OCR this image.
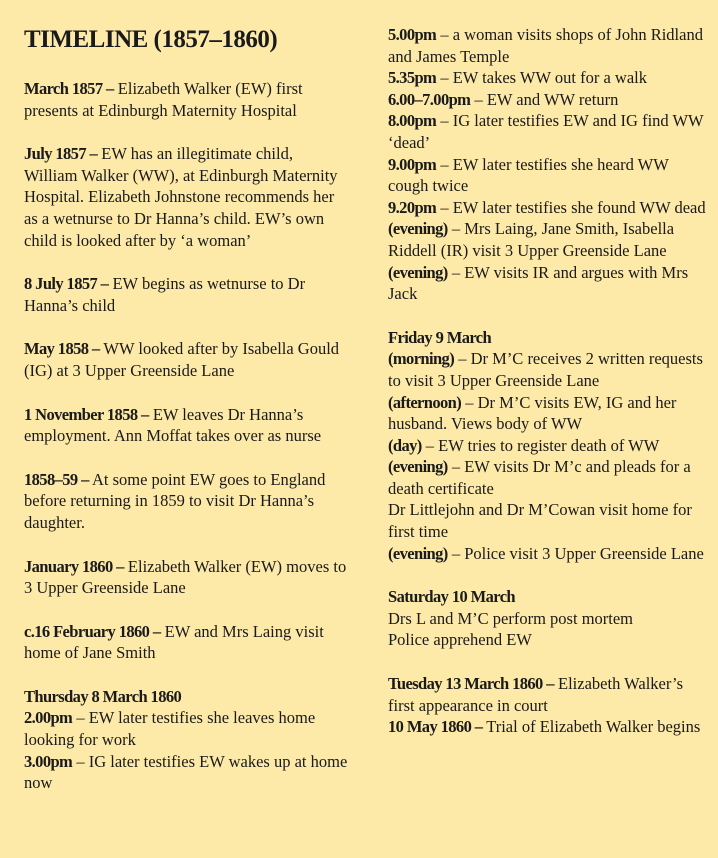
TIMELINE (1857–1860)
March 1857 – Elizabeth Walker (EW) first presents at Edinburgh Maternity Hospital
July 1857 – EW has an illegitimate child, William Walker (WW), at Edinburgh Maternity Hospital. Elizabeth Johnstone recommends her as a wetnurse to Dr Hanna’s child. EW’s own child is looked after by ‘a woman’
8 July 1857 – EW begins as wetnurse to Dr Hanna’s child
May 1858 – WW looked after by Isabella Gould (IG) at 3 Upper Greenside Lane
1 November 1858 – EW leaves Dr Hanna’s employment. Ann Moffat takes over as nurse
1858–59 – At some point EW goes to England before returning in 1859 to visit Dr Hanna’s daughter.
January 1860 – Elizabeth Walker (EW) moves to 3 Upper Greenside Lane
c.16 February 1860 – EW and Mrs Laing visit home of Jane Smith
Thursday 8 March 1860
2.00pm – EW later testifies she leaves home looking for work
3.00pm – IG later testifies EW wakes up at home now
5.00pm – a woman visits shops of John Ridland and James Temple
5.35pm – EW takes WW out for a walk
6.00–7.00pm – EW and WW return
8.00pm – IG later testifies EW and IG find WW ‘dead’
9.00pm – EW later testifies she heard WW cough twice
9.20pm – EW later testifies she found WW dead
(evening) – Mrs Laing, Jane Smith, Isabella Riddell (IR) visit 3 Upper Greenside Lane
(evening) – EW visits IR and argues with Mrs Jack
Friday 9 March
(morning) – Dr M’C receives 2 written requests to visit 3 Upper Greenside Lane
(afternoon) – Dr M’C visits EW, IG and her husband. Views body of WW
(day) – EW tries to register death of WW
(evening) – EW visits Dr M’c and pleads for a death certificate
Dr Littlejohn and Dr M’Cowan visit home for first time
(evening) – Police visit 3 Upper Greenside Lane
Saturday 10 March
Drs L and M’C perform post mortem
Police apprehend EW
Tuesday 13 March 1860 – Elizabeth Walker’s first appearance in court
10 May 1860 – Trial of Elizabeth Walker begins
